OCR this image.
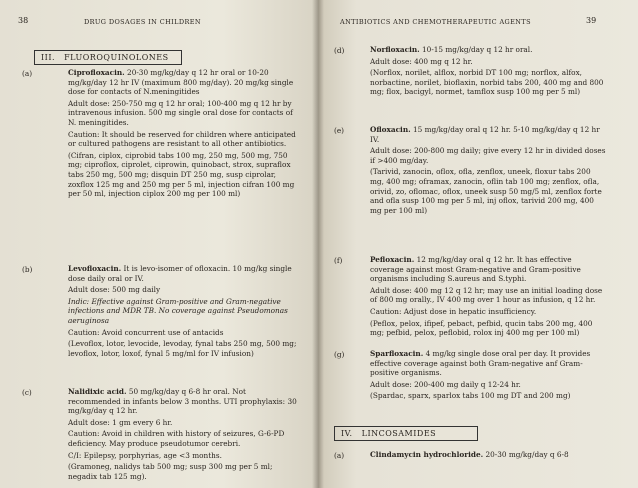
38	DRUG DOSAGES IN CHILDREN
III. FLUOROQUINOLONES
(a)	Ciprofloxacin. 20-30 mg/kg/day q 12 hr oral or 10-20 mg/kg/day 12 hr IV (maximum 800 mg/day). 20 mg/kg single dose for contacts of N.meningitides

Adult dose: 250-750 mg q 12 hr oral; 100-400 mg q 12 hr by intravenous infusion. 500 mg single oral dose for contacts of N. meningitides.

Caution: It should be reserved for children where anticipated or cultured pathogens are resistant to all other antibiotics.

(Cifran, ciplox, ciprobid tabs 100 mg, 250 mg, 500 mg, 750 mg; ciproflox, ciprolet, ciprowin, quinobact, strox, supraflox tabs 250 mg, 500 mg; disquin DT 250 mg, susp ciprolar, zoxflox 125 mg and 250 mg per 5 ml, injection cifran 100 mg per 50 ml, injection ciplox 200 mg per 100 ml)

(b)	Levofloxacin. It is levo-isomer of ofloxacin. 10 mg/kg single dose daily oral or IV.

Adult dose: 500 mg daily

Indic: Effective against Gram-positive and Gram-negative infections and MDR TB. No coverage against Pseudomonas aeruginosa

Caution: Avoid concurrent use of antacids

(Levoflox, lotor, levocide, levoday, fynal tabs 250 mg, 500 mg; levoflox, lotor, loxof, fynal 5 mg/ml for IV infusion)

(c)	Nalidixic acid. 50 mg/kg/day q 6-8 hr oral. Not recommended in infants below 3 months. UTI prophylaxis: 30 mg/kg/day q 12 hr.

Adult dose: 1 gm every 6 hr.

Caution: Avoid in children with history of seizures, G-6-PD deficiency. May produce pseudotumor cerebri.

C/I: Epilepsy, porphyrias, age <3 months.

(Gramoneg, nalidys tab 500 mg; susp 300 mg per 5 ml; negadix tab 125 mg).

ANTIBIOTICS AND CHEMOTHERAPEUTIC AGENTS	39
(d)	Norfloxacin. 10-15 mg/kg/day q 12 hr oral.

Adult dose: 400 mg q 12 hr.

(Norflox, norilet, alflox, norbid DT 100 mg; norflox, alfox, norbactine, norilet, bioflaxin, norbid tabs 200, 400 mg and 800 mg; flox, bacigyl, normet, tamflox susp 100 mg per 5 ml)

(e)	Ofloxacin. 15 mg/kg/day oral q 12 hr. 5-10 mg/kg/day q 12 hr IV.

Adult dose: 200-800 mg daily; give every 12 hr in divided doses if >400 mg/day.

(Tarivid, zanocin, oflox, ofla, zenflox, uneek, floxur tabs 200 mg, 400 mg; oframax, zanocin, oflin tab 100 mg; zenflox, ofla, orivid, zo, oflomac, oflox, uneek susp 50 mg/5 ml, zenflox forte and ofla susp 100 mg per 5 ml, inj oflox, tarivid 200 mg, 400 mg per 100 ml)

(f)	Pefloxacin. 12 mg/kg/day oral q 12 hr. It has effective coverage against most Gram-negative and Gram-positive organisms including S.aureus and S.typhi.

Adult dose: 400 mg 12 q 12 hr; may use an initial loading dose of 800 mg orally., IV 400 mg over 1 hour as infusion, q 12 hr.

Caution: Adjust dose in hepatic insufficiency.

(Peflox, pelox, ifipef, pebact, pefbid, qucin tabs 200 mg, 400 mg; pefbid, pelox, peflobid, rolox inj 400 mg per 100 ml)

(g)	Sparfloxacin. 4 mg/kg single dose oral per day. It provides effective coverage against both Gram-negative anf Gram-positive organisms.

Adult dose: 200-400 mg daily q 12-24 hr.

(Spardac, sparx, sparlox tabs 100 mg DT and 200 mg)

IV. LINCOSAMIDES
(a)	Clindamycin hydrochloride. 20-30 mg/kg/day q 6-8
